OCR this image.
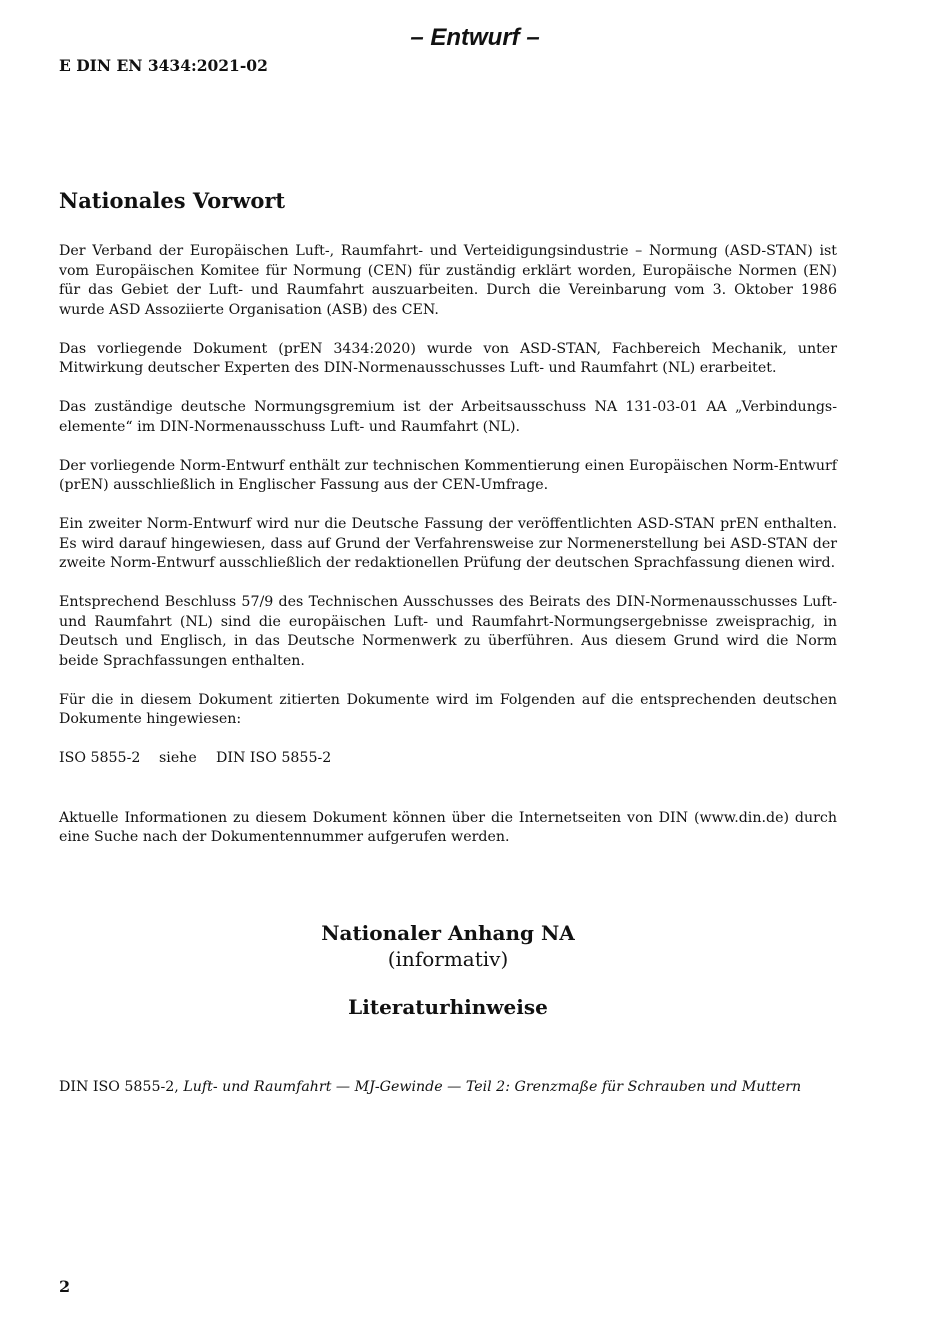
– Entwurf –
E DIN EN 3434:2021-02
Nationales Vorwort

Der Verband der Europäischen Luft-, Raumfahrt- und Verteidigungsindustrie – Normung (ASD-STAN) ist vom Europäischen Komitee für Normung (CEN) für zuständig erklärt worden, Europäische Normen (EN) für das Gebiet der Luft- und Raumfahrt auszuarbeiten. Durch die Vereinbarung vom 3. Oktober 1986 wurde ASD Assoziierte Organisation (ASB) des CEN.

Das vorliegende Dokument (prEN 3434:2020) wurde von ASD-STAN, Fachbereich Mechanik, unter Mitwirkung deutscher Experten des DIN-Normenausschusses Luft- und Raumfahrt (NL) erarbeitet.

Das zuständige deutsche Normungsgremium ist der Arbeitsausschuss NA 131-03-01 AA „Verbindungselemente“ im DIN-Normenausschuss Luft- und Raumfahrt (NL).

Der vorliegende Norm-Entwurf enthält zur technischen Kommentierung einen Europäischen Norm-Entwurf (prEN) ausschließlich in Englischer Fassung aus der CEN-Umfrage.

Ein zweiter Norm-Entwurf wird nur die Deutsche Fassung der veröffentlichten ASD-STAN prEN enthalten. Es wird darauf hingewiesen, dass auf Grund der Verfahrensweise zur Normenerstellung bei ASD-STAN der zweite Norm-Entwurf ausschließlich der redaktionellen Prüfung der deutschen Sprachfassung dienen wird.

Entsprechend Beschluss 57/9 des Technischen Ausschusses des Beirats des DIN-Normenausschusses Luft- und Raumfahrt (NL) sind die europäischen Luft- und Raumfahrt-Normungsergebnisse zweisprachig, in Deutsch und Englisch, in das Deutsche Normenwerk zu überführen. Aus diesem Grund wird die Norm beide Sprachfassungen enthalten.

Für die in diesem Dokument zitierten Dokumente wird im Folgenden auf die entsprechenden deutschen Dokumente hingewiesen:

ISO 5855-2 siehe DIN ISO 5855-2

Aktuelle Informationen zu diesem Dokument können über die Internetseiten von DIN (www.din.de) durch eine Suche nach der Dokumentennummer aufgerufen werden.

Nationaler Anhang NA
(informativ)
Literaturhinweise
DIN ISO 5855-2, Luft- und Raumfahrt — MJ-Gewinde — Teil 2: Grenzmaße für Schrauben und Muttern
2
